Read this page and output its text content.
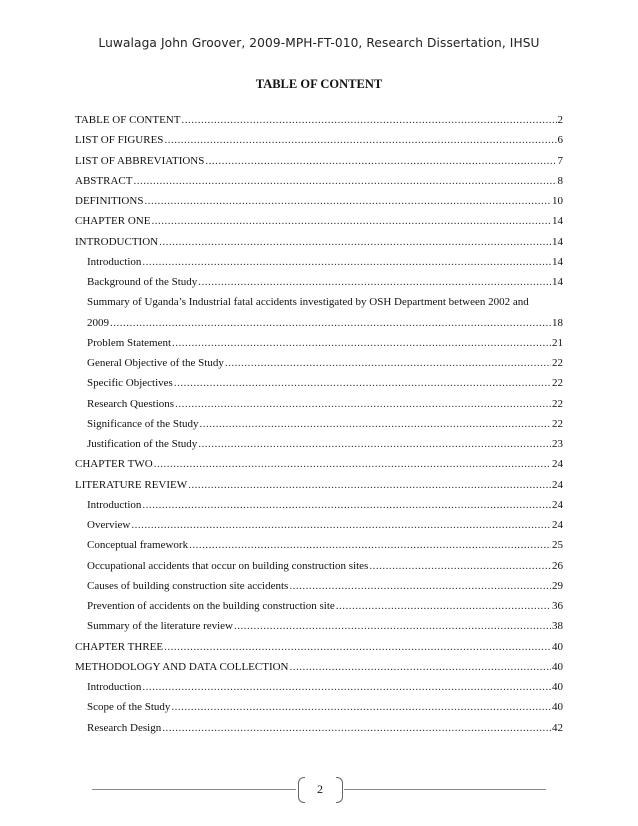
Luwalaga John Groover, 2009-MPH-FT-010, Research Dissertation, IHSU
TABLE OF CONTENT
TABLE OF CONTENT .....	2
LIST OF FIGURES .....	6
LIST OF ABBREVIATIONS .....	7
ABSTRACT .....	8
DEFINITIONS .....	10
CHAPTER ONE .....	14
INTRODUCTION .....	14
Introduction .....	14
Background of the Study .....	14
Summary of Uganda’s Industrial fatal accidents investigated by OSH Department between 2002 and
2009 .....	18
Problem Statement .....	21
General Objective of the Study .....	22
Specific Objectives .....	22
Research Questions .....	22
Significance of the Study .....	22
Justification of the Study .....	23
CHAPTER TWO .....	24
LITERATURE REVIEW .....	24
Introduction .....	24
Overview .....	24
Conceptual framework .....	25
Occupational accidents that occur on building construction sites .....	26
Causes of building construction site accidents .....	29
Prevention of accidents on the building construction site .....	36
Summary of the literature review .....	38
CHAPTER THREE .....	40
METHODOLOGY AND DATA COLLECTION .....	40
Introduction .....	40
Scope of the Study .....	40
Research Design .....	42
2
